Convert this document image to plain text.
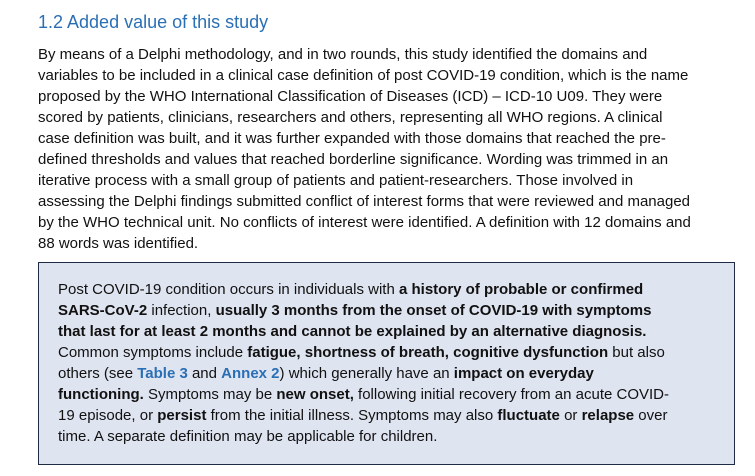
1.2 Added value of this study

By means of a Delphi methodology, and in two rounds, this study identified the domains and
variables to be included in a clinical case definition of post COVID-19 condition, which is the name
proposed by the WHO International Classification of Diseases (ICD) – ICD-10 U09. They were
scored by patients, clinicians, researchers and others, representing all WHO regions. A clinical
case definition was built, and it was further expanded with those domains that reached the pre-
defined thresholds and values that reached borderline significance. Wording was trimmed in an
iterative process with a small group of patients and patient-researchers. Those involved in
assessing the Delphi findings submitted conflict of interest forms that were reviewed and managed
by the WHO technical unit. No conflicts of interest were identified. A definition with 12 domains and
88 words was identified.

Post COVID-19 condition occurs in individuals with a history of probable or confirmed
SARS-CoV-2 infection, usually 3 months from the onset of COVID-19 with symptoms
that last for at least 2 months and cannot be explained by an alternative diagnosis.
Common symptoms include fatigue, shortness of breath, cognitive dysfunction but also
others (see Table 3 and Annex 2) which generally have an impact on everyday
functioning. Symptoms may be new onset, following initial recovery from an acute COVID-
19 episode, or persist from the initial illness. Symptoms may also fluctuate or relapse over
time. A separate definition may be applicable for children.
